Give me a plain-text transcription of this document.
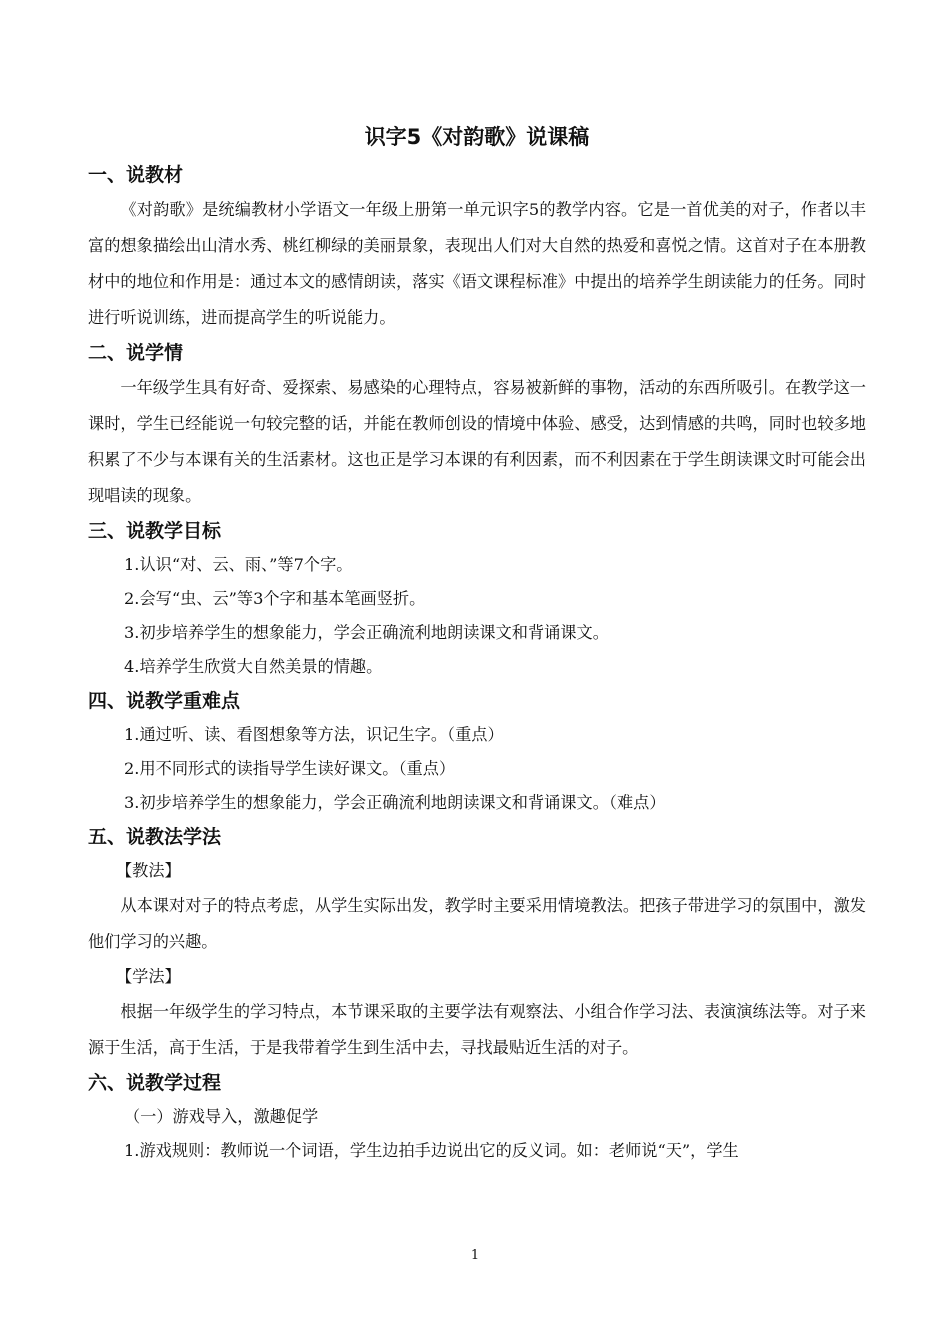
识字5《对韵歌》说课稿

一、说教材

《对韵歌》是统编教材小学语文一年级上册第一单元识字5的教学内容。它是一首优美的对子，作者以丰富的想象描绘出山清水秀、桃红柳绿的美丽景象，表现出人们对大自然的热爱和喜悦之情。这首对子在本册教材中的地位和作用是：通过本文的感情朗读，落实《语文课程标准》中提出的培养学生朗读能力的任务。同时进行听说训练，进而提高学生的听说能力。

二、说学情

一年级学生具有好奇、爱探索、易感染的心理特点，容易被新鲜的事物，活动的东西所吸引。在教学这一课时，学生已经能说一句较完整的话，并能在教师创设的情境中体验、感受，达到情感的共鸣，同时也较多地积累了不少与本课有关的生活素材。这也正是学习本课的有利因素，而不利因素在于学生朗读课文时可能会出现唱读的现象。

三、说教学目标

1.认识“对、云、雨、”等7个字。

2.会写“虫、云”等3个字和基本笔画竖折。

3.初步培养学生的想象能力，学会正确流利地朗读课文和背诵课文。

4.培养学生欣赏大自然美景的情趣。

四、说教学重难点

1.通过听、读、看图想象等方法，识记生字。（重点）

2.用不同形式的读指导学生读好课文。（重点）

3.初步培养学生的想象能力，学会正确流利地朗读课文和背诵课文。（难点）

五、说教法学法

【教法】

从本课对对子的特点考虑，从学生实际出发，教学时主要采用情境教法。把孩子带进学习的氛围中，激发他们学习的兴趣。

【学法】

根据一年级学生的学习特点，本节课采取的主要学法有观察法、小组合作学习法、表演演练法等。对子来源于生活，高于生活，于是我带着学生到生活中去，寻找最贴近生活的对子。

六、说教学过程

（一）游戏导入，激趣促学

1.游戏规则：教师说一个词语，学生边拍手边说出它的反义词。如：老师说“天”，学生

1
